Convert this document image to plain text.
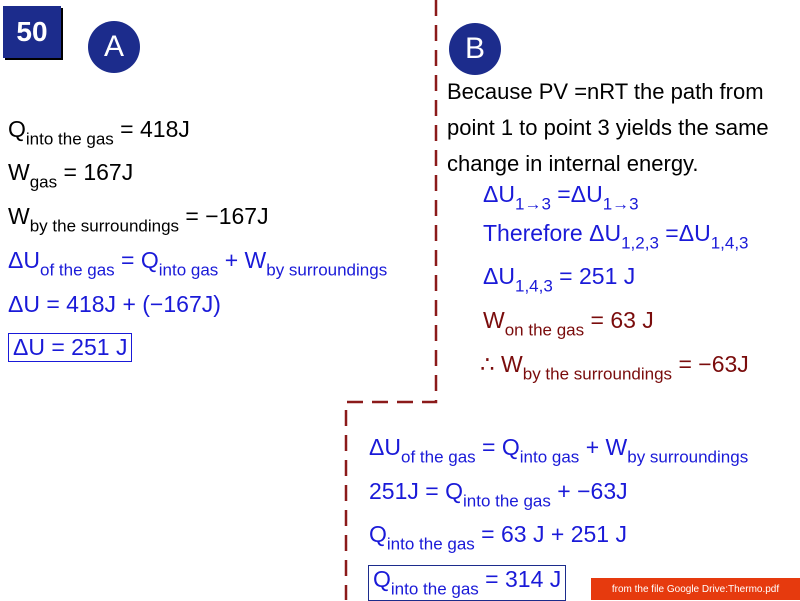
50	A	B
$Q_{into the gas} = 418J$
$W_{gas} = 167J$
$W_{by the surroundings} = -167J$
$\Delta U_{of the gas} = Q_{into gas} + W_{by surroundings}$
ΔU = 418J + (−167J)
ΔU = 251 J
Because PV =nRT the path from point 1 to point 3 yields the same change in internal energy.
$\Delta U_{1\to 3} =\Delta U_{1\to 3}$
Therefore $\Delta U_{1,2,3} =\Delta U_{1,4,3}$
$\Delta U_{1,4,3} = 251$ J
$W_{on the gas} = 63$ J
∴ $W_{by the surroundings} = -63J$
$\Delta U_{of the gas} = Q_{into gas} + W_{by surroundings}$
$251J = Q_{into the gas} + -63J$
$Q_{into the gas} = 63$ J + 251 J
$Q_{into the gas} = 314$ J	from the file Google Drive:Thermo.pdf
